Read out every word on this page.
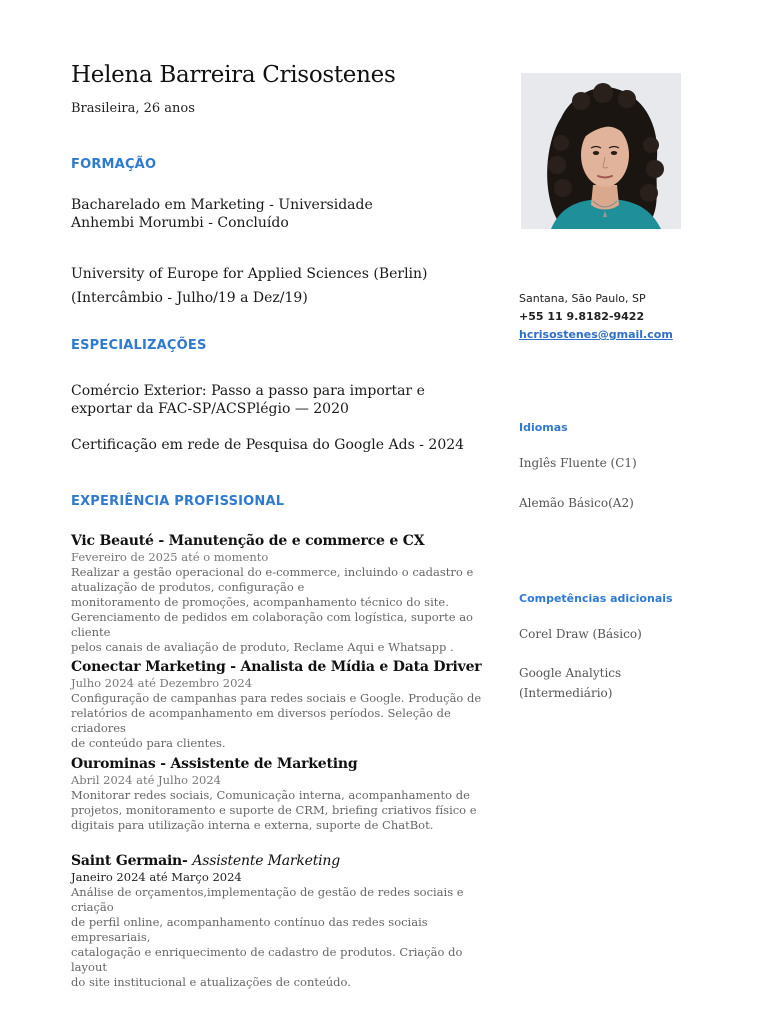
Helena Barreira Crisostenes
Brasileira, 26 anos
FORMAÇÃO
Bacharelado em Marketing - Universidade Anhembi Morumbi - Concluído
University of Europe for Applied Sciences (Berlin) (Intercâmbio - Julho/19 a Dez/19)
ESPECIALIZAÇÕES
Comércio Exterior: Passo a passo para importar e exportar da FAC-SP/ACSPlégio — 2020
Certificação em rede de Pesquisa do Google Ads - 2024
EXPERIÊNCIA PROFISSIONAL
Vic Beauté - Manutenção de e commerce e CX
Fevereiro de 2025 até o momento

Realizar a gestão operacional do e-commerce, incluindo o cadastro e

atualização de produtos, configuração e

monitoramento de promoções, acompanhamento técnico do site.

Gerenciamento de pedidos em colaboração com logística, suporte ao cliente

pelos canais de avaliação de produto, Reclame Aqui e Whatsapp .

Conectar Marketing - Analista de Mídia e Data Driver
Julho 2024 até Dezembro 2024

Configuração de campanhas para redes sociais e Google. Produção de

relatórios de acompanhamento em diversos períodos. Seleção de criadores

de conteúdo para clientes.

Ourominas - Assistente de Marketing
Abril 2024 até Julho 2024

Monitorar redes sociais, Comunicação interna, acompanhamento de

projetos, monitoramento e suporte de CRM, briefing criativos físico e

digitais para utilização interna e externa, suporte de ChatBot.

Saint Germain- Assistente Marketing
Janeiro 2024 até Março 2024

Análise de orçamentos,implementação de gestão de redes sociais e criação

de perfil online, acompanhamento contínuo das redes sociais empresariais,

catalogação e enriquecimento de cadastro de produtos. Criação do layout

do site institucional e atualizações de conteúdo.

Santana, São Paulo, SP
+55 11 9.8182-9422
hcrisostenes@gmail.com
Idiomas
Inglês Fluente (C1)
Alemão Básico(A2)
Competências adicionais
Corel Draw (Básico)
Google Analytics (Intermediário)
